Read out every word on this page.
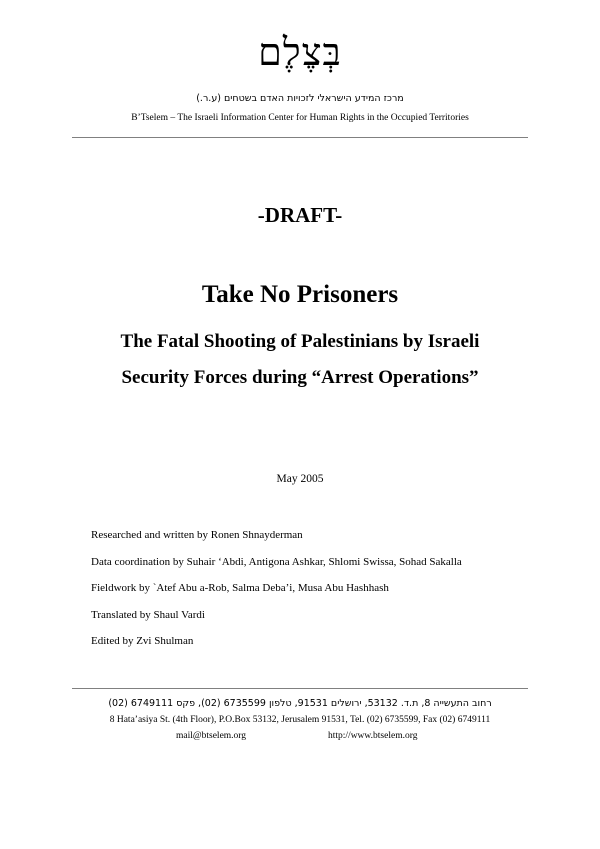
בְּצֶלֶם
מרכז המידע הישראלי לזכויות האדם בשטחים (ע.ר.)
B’Tselem – The Israeli Information Center for Human Rights in the Occupied Territories
-DRAFT-
Take No Prisoners
The Fatal Shooting of Palestinians by Israeli Security Forces during “Arrest Operations”
May 2005
Researched and written by Ronen Shnayderman
Data coordination by Suhair ‘Abdi, Antigona Ashkar, Shlomi Swissa, Sohad Sakalla
Fieldwork by `Atef Abu a-Rob, Salma Deba’i, Musa Abu Hashhash
Translated by Shaul Vardi
Edited by Zvi Shulman
רחוב התעשייה 8, ת.ד. 53132, ירושלים 91531, טלפון 6735599 (02), פקס 6749111 (02)
8 Hata’asiya St. (4th Floor), P.O.Box 53132, Jerusalem 91531, Tel. (02) 6735599, Fax (02) 6749111
mail@btselem.org	http://www.btselem.org
